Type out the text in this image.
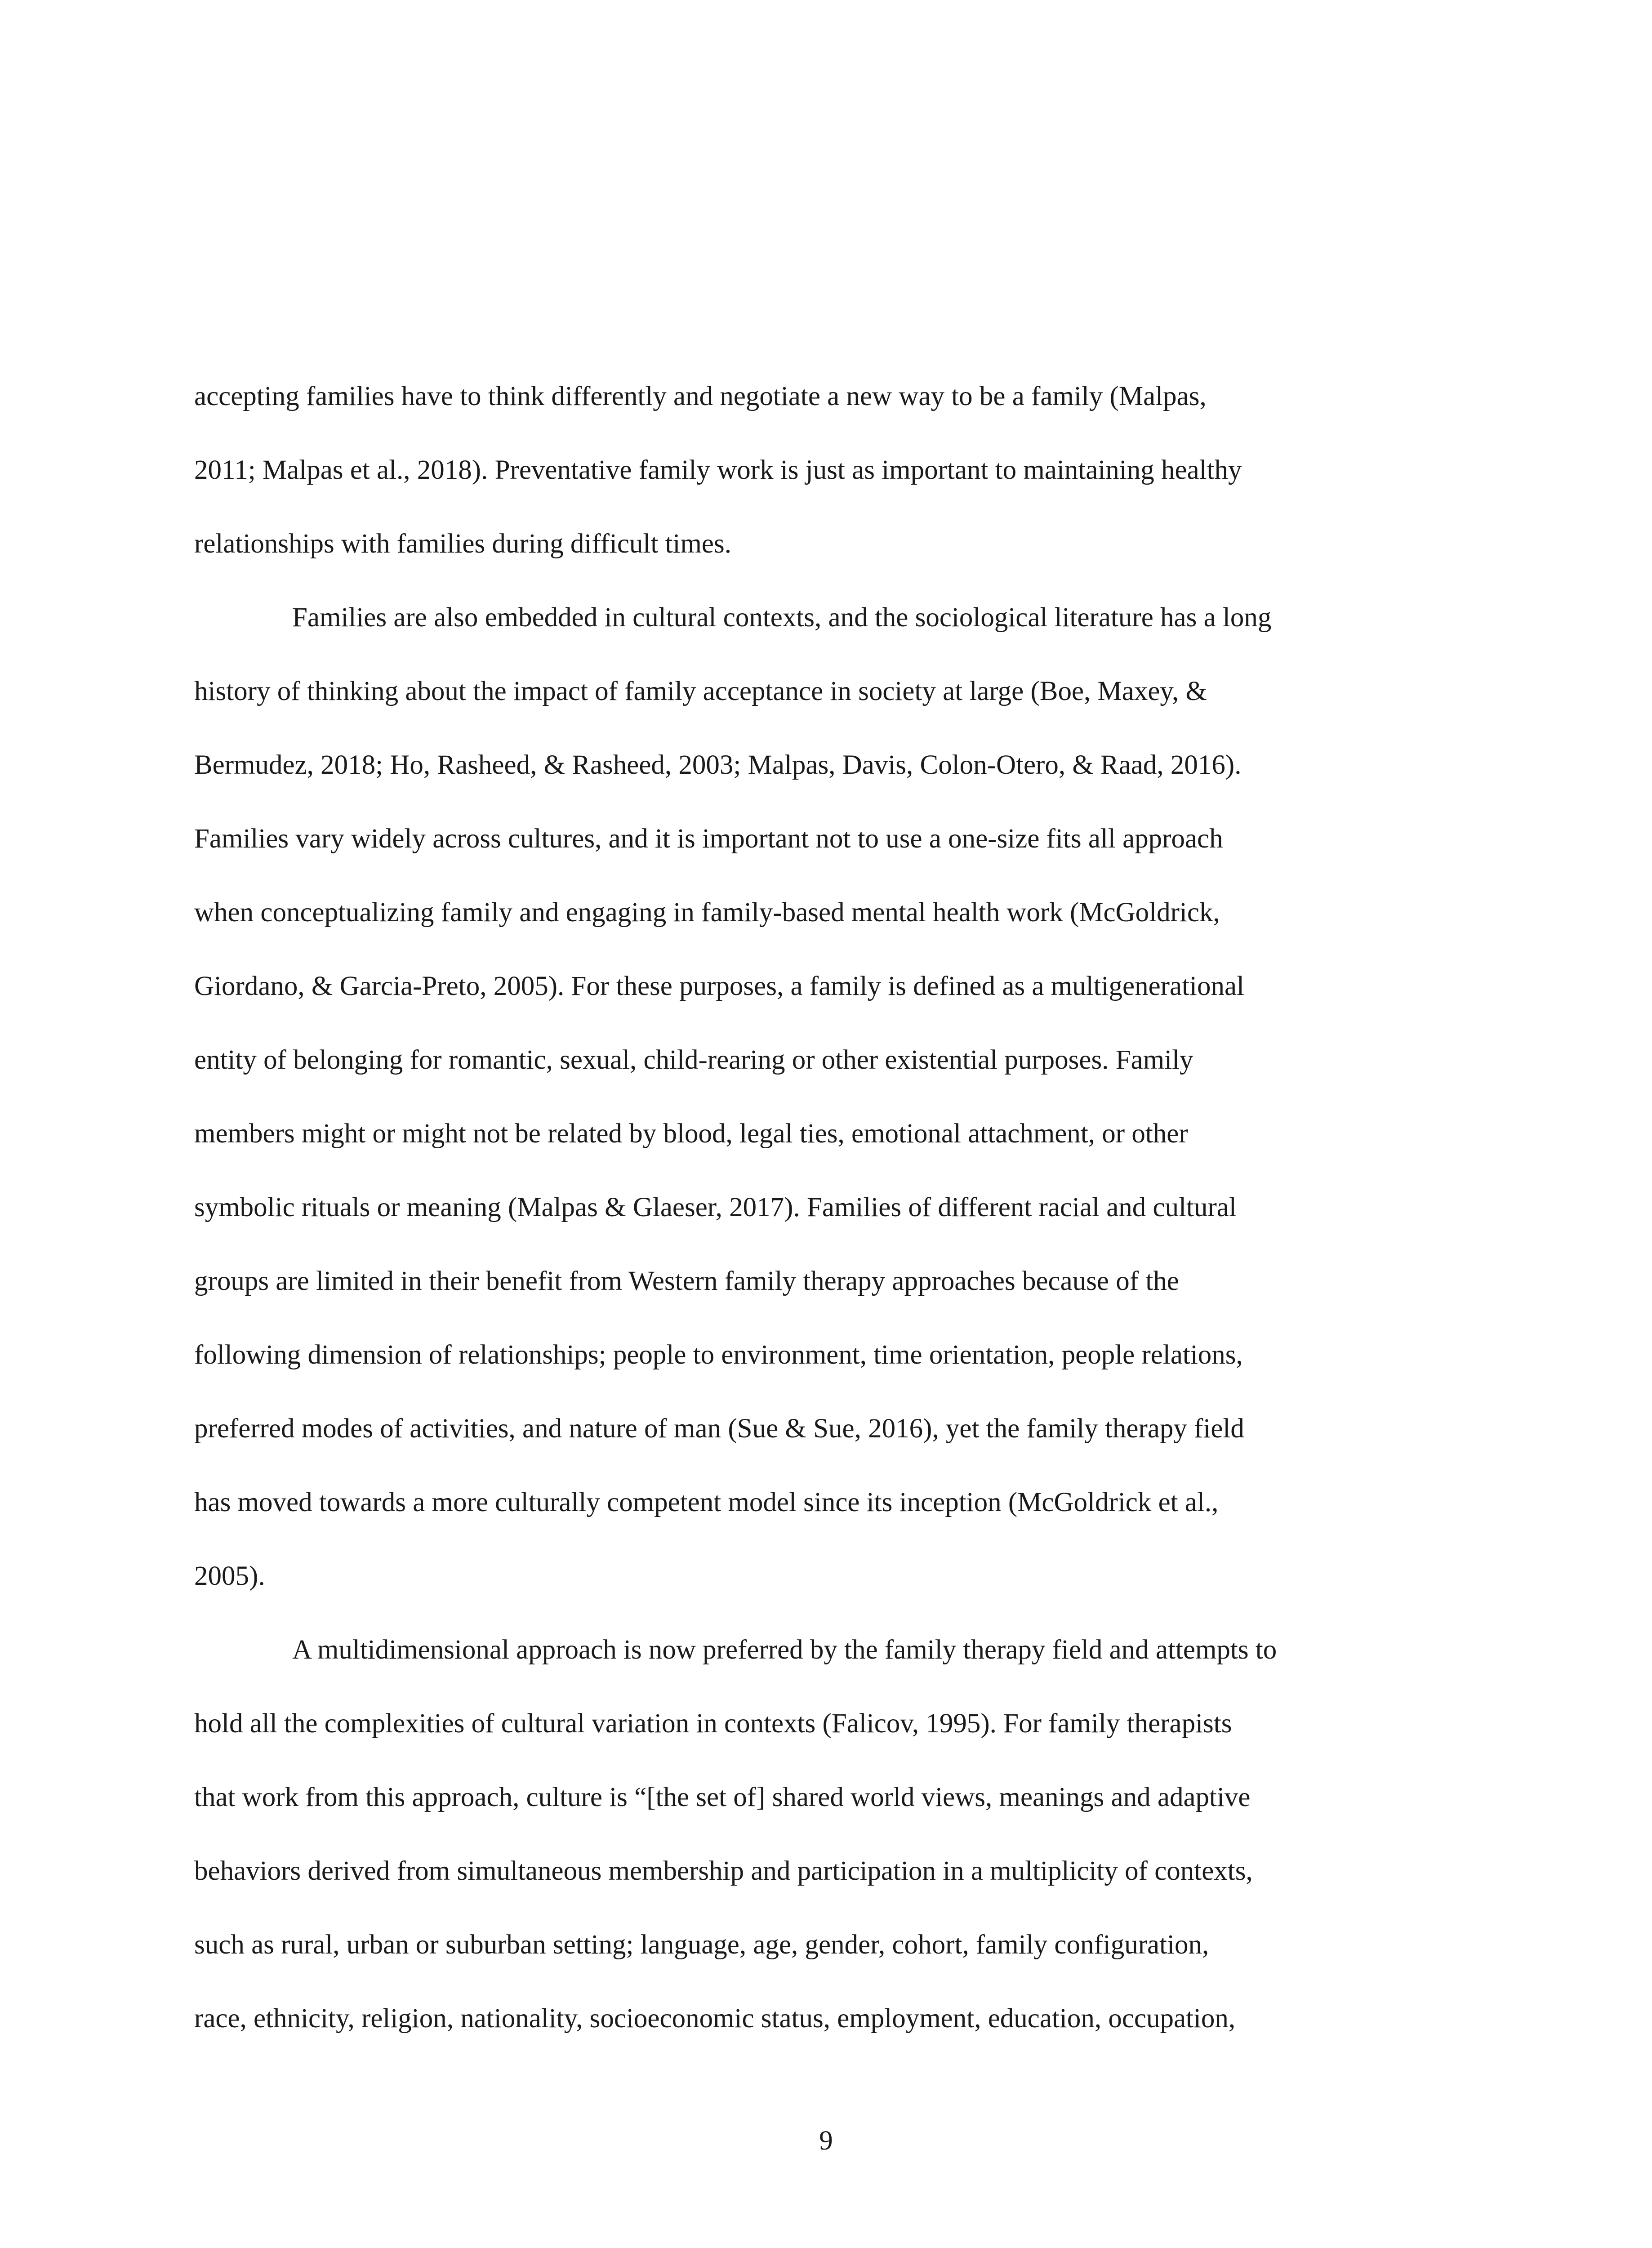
accepting families have to think differently and negotiate a new way to be a family (Malpas,
2011; Malpas et al., 2018). Preventative family work is just as important to maintaining healthy
relationships with families during difficult times.
Families are also embedded in cultural contexts, and the sociological literature has a long
history of thinking about the impact of family acceptance in society at large (Boe, Maxey, &
Bermudez, 2018; Ho, Rasheed, & Rasheed, 2003; Malpas, Davis, Colon-Otero, & Raad, 2016).
Families vary widely across cultures, and it is important not to use a one-size fits all approach
when conceptualizing family and engaging in family-based mental health work (McGoldrick,
Giordano, & Garcia-Preto, 2005). For these purposes, a family is defined as a multigenerational
entity of belonging for romantic, sexual, child-rearing or other existential purposes. Family
members might or might not be related by blood, legal ties, emotional attachment, or other
symbolic rituals or meaning (Malpas & Glaeser, 2017). Families of different racial and cultural
groups are limited in their benefit from Western family therapy approaches because of the
following dimension of relationships; people to environment, time orientation, people relations,
preferred modes of activities, and nature of man (Sue & Sue, 2016), yet the family therapy field
has moved towards a more culturally competent model since its inception (McGoldrick et al.,
2005).
A multidimensional approach is now preferred by the family therapy field and attempts to
hold all the complexities of cultural variation in contexts (Falicov, 1995). For family therapists
that work from this approach, culture is “[the set of] shared world views, meanings and adaptive
behaviors derived from simultaneous membership and participation in a multiplicity of contexts,
such as rural, urban or suburban setting; language, age, gender, cohort, family configuration,
race, ethnicity, religion, nationality, socioeconomic status, employment, education, occupation,
9
